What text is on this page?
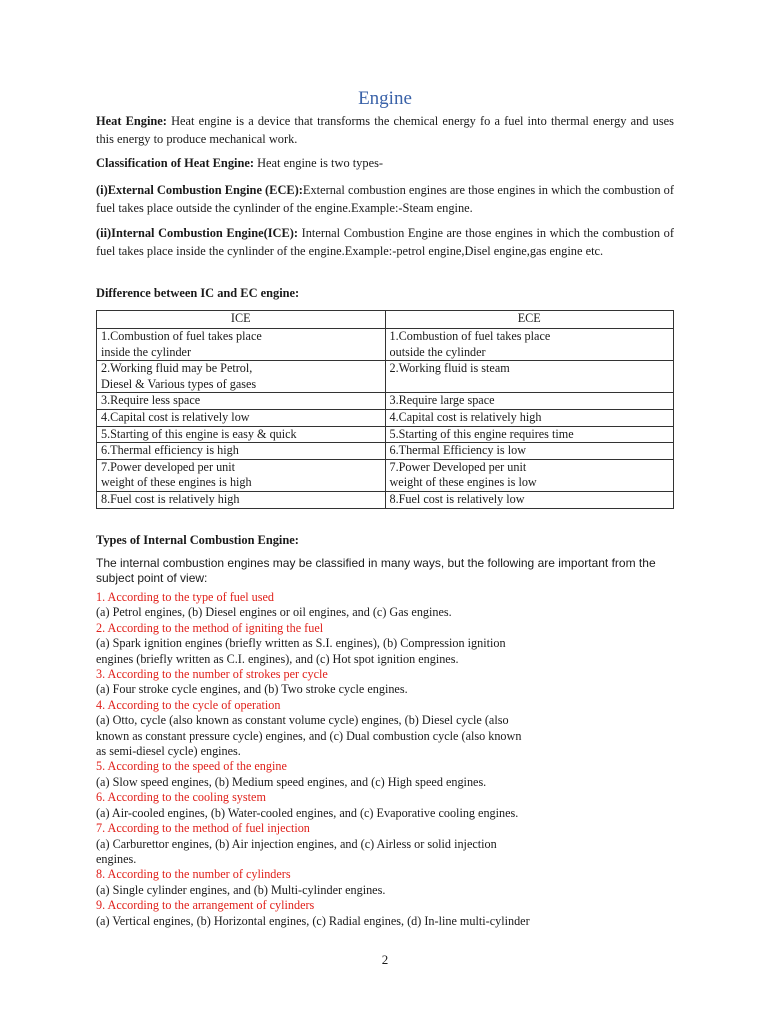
Engine

Heat Engine: Heat engine is a device that transforms the chemical energy fo a fuel into thermal energy and uses this energy to produce mechanical work.

Classification of Heat Engine: Heat engine is two types-

(i)External Combustion Engine (ECE):External combustion engines are those engines in which the combustion of fuel takes place outside the cynlinder of the engine.Example:-Steam engine.

(ii)Internal Combustion Engine(ICE): Internal Combustion Engine are those engines in which the combustion of fuel takes place inside the cynlinder of the engine.Example:-petrol engine,Disel engine,gas engine etc.

Difference between IC and EC engine:

ICE	ECE

1.Combustion of fuel takes place
inside the cylinder	1.Combustion of fuel takes place
outside the cylinder

2.Working fluid may be Petrol,
Diesel & Various types of gases	2.Working fluid is steam

3.Require less space	3.Require large space

4.Capital cost is relatively low	4.Capital cost is relatively high

5.Starting of this engine is easy & quick	5.Starting of this engine requires time

6.Thermal efficiency is high	6.Thermal Efficiency is low

7.Power developed per unit
weight of these engines is high	7.Power Developed per unit
weight of these engines is low

8.Fuel cost is relatively high	8.Fuel cost is relatively low

Types of Internal Combustion Engine:

The internal combustion engines may be classified in many ways, but the following are important from the subject point of view:

1. According to the type of fuel used
(a) Petrol engines, (b) Diesel engines or oil engines, and (c) Gas engines.
2. According to the method of igniting the fuel
(a) Spark ignition engines (briefly written as S.I. engines), (b) Compression ignition
engines (briefly written as C.I. engines), and (c) Hot spot ignition engines.
3. According to the number of strokes per cycle
(a) Four stroke cycle engines, and (b) Two stroke cycle engines.
4. According to the cycle of operation
(a) Otto, cycle (also known as constant volume cycle) engines, (b) Diesel cycle (also
known as constant pressure cycle) engines, and (c) Dual combustion cycle (also known
as semi-diesel cycle) engines.
5. According to the speed of the engine
(a) Slow speed engines, (b) Medium speed engines, and (c) High speed engines.
6. According to the cooling system
(a) Air-cooled engines, (b) Water-cooled engines, and (c) Evaporative cooling engines.
7. According to the method of fuel injection
(a) Carburettor engines, (b) Air injection engines, and (c) Airless or solid injection
engines.
8. According to the number of cylinders
(a) Single cylinder engines, and (b) Multi-cylinder engines.
9. According to the arrangement of cylinders
(a) Vertical engines, (b) Horizontal engines, (c) Radial engines, (d) In-line multi-cylinder
2
